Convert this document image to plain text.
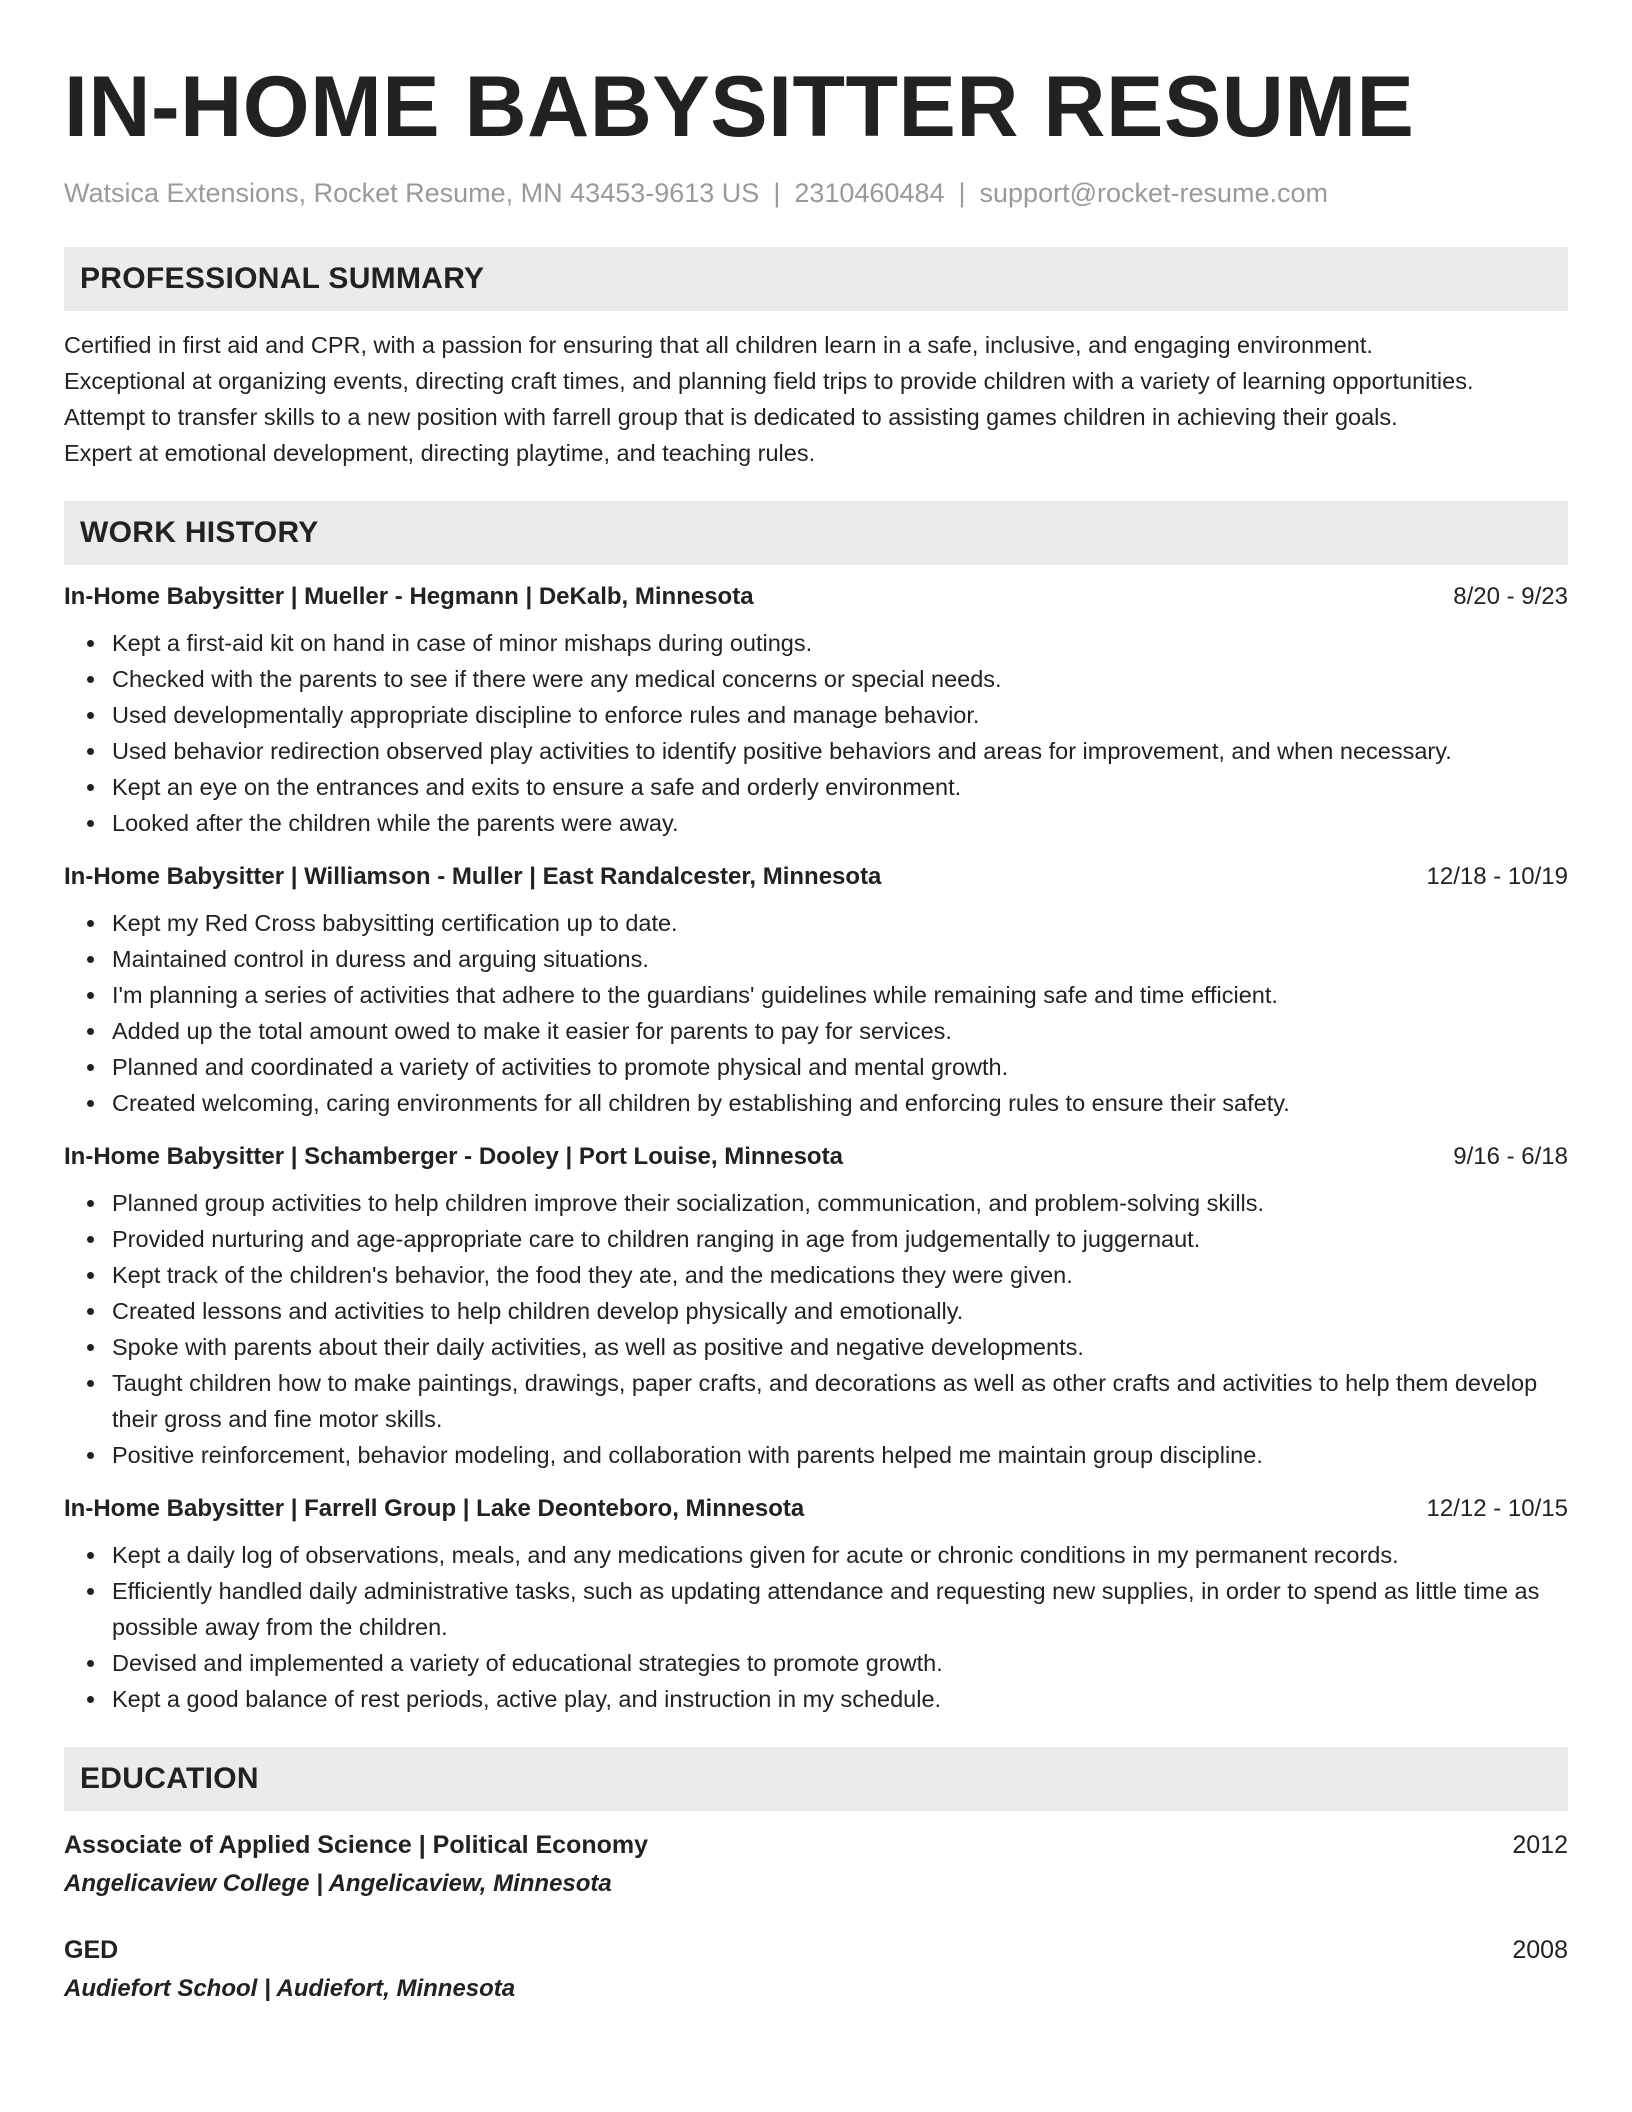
IN-HOME BABYSITTER RESUME
Watsica Extensions, Rocket Resume, MN 43453-9613 US | 2310460484 | support@rocket-resume.com
PROFESSIONAL SUMMARY
Certified in first aid and CPR, with a passion for ensuring that all children learn in a safe, inclusive, and engaging environment.
Exceptional at organizing events, directing craft times, and planning field trips to provide children with a variety of learning opportunities.
Attempt to transfer skills to a new position with farrell group that is dedicated to assisting games children in achieving their goals.
Expert at emotional development, directing playtime, and teaching rules.
WORK HISTORY
In-Home Babysitter | Mueller - Hegmann | DeKalb, Minnesota	8/20 - 9/23
• Kept a first-aid kit on hand in case of minor mishaps during outings.
• Checked with the parents to see if there were any medical concerns or special needs.
• Used developmentally appropriate discipline to enforce rules and manage behavior.
• Used behavior redirection observed play activities to identify positive behaviors and areas for improvement, and when necessary.
• Kept an eye on the entrances and exits to ensure a safe and orderly environment.
• Looked after the children while the parents were away.
In-Home Babysitter | Williamson - Muller | East Randalcester, Minnesota	12/18 - 10/19
• Kept my Red Cross babysitting certification up to date.
• Maintained control in duress and arguing situations.
• I'm planning a series of activities that adhere to the guardians' guidelines while remaining safe and time efficient.
• Added up the total amount owed to make it easier for parents to pay for services.
• Planned and coordinated a variety of activities to promote physical and mental growth.
• Created welcoming, caring environments for all children by establishing and enforcing rules to ensure their safety.
In-Home Babysitter | Schamberger - Dooley | Port Louise, Minnesota	9/16 - 6/18
• Planned group activities to help children improve their socialization, communication, and problem-solving skills.
• Provided nurturing and age-appropriate care to children ranging in age from judgementally to juggernaut.
• Kept track of the children's behavior, the food they ate, and the medications they were given.
• Created lessons and activities to help children develop physically and emotionally.
• Spoke with parents about their daily activities, as well as positive and negative developments.
• Taught children how to make paintings, drawings, paper crafts, and decorations as well as other crafts and activities to help them develop their gross and fine motor skills.
• Positive reinforcement, behavior modeling, and collaboration with parents helped me maintain group discipline.
In-Home Babysitter | Farrell Group | Lake Deonteboro, Minnesota	12/12 - 10/15
• Kept a daily log of observations, meals, and any medications given for acute or chronic conditions in my permanent records.
• Efficiently handled daily administrative tasks, such as updating attendance and requesting new supplies, in order to spend as little time as possible away from the children.
• Devised and implemented a variety of educational strategies to promote growth.
• Kept a good balance of rest periods, active play, and instruction in my schedule.
EDUCATION
Associate of Applied Science | Political Economy	2012
Angelicaview College | Angelicaview, Minnesota
GED	2008
Audiefort School | Audiefort, Minnesota
